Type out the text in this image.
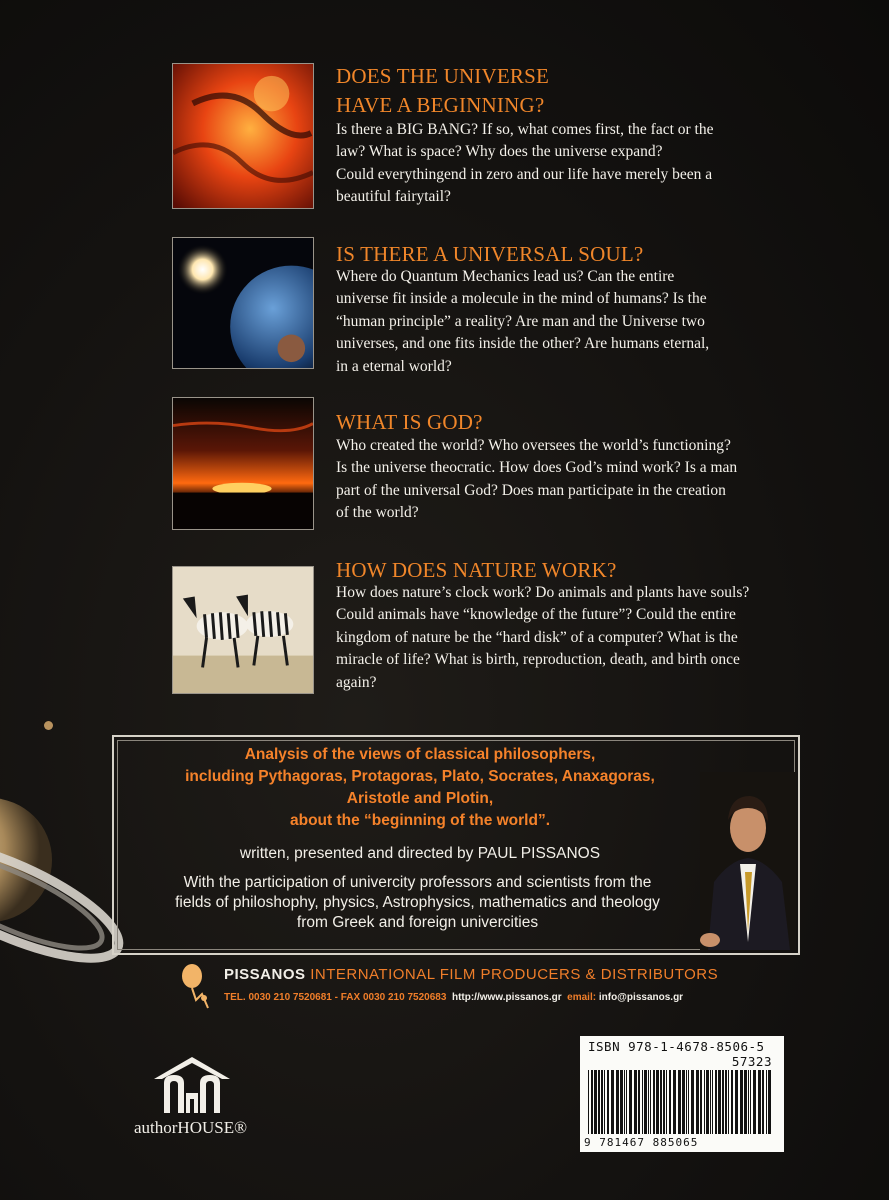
DOES THE UNIVERSE
HAVE A BEGINNING?
Is there a BIG BANG? If so, what comes first, the fact or the
law? What is space? Why does the universe expand?
Could everythingend in zero and our life have merely been a
beautiful fairytail?
IS THERE A UNIVERSAL SOUL?
Where do Quantum Mechanics lead us? Can the entire
universe fit inside a molecule in the mind of humans? Is the
“human principle” a reality? Are man and the Universe two
universes, and one fits inside the other? Are humans eternal,
in a eternal world?
WHAT IS GOD?
Who created the world? Who oversees the world’s functioning?
Is the universe theocratic. How does God’s mind work? Is a man
part of the universal God? Does man participate in the creation
of the world?
HOW DOES NATURE WORK?
How does nature’s clock work? Do animals and plants have souls?
Could animals have “knowledge of the future”? Could the entire
kingdom of nature be the “hard disk” of a computer? What is the
miracle of life? What is birth, reproduction, death, and birth once
again?
Analysis of the views of classical philosophers,
including Pythagoras, Protagoras, Plato, Socrates, Anaxagoras,
Aristotle and Plotin,
about the “beginning of the world”.
written, presented and directed by PAUL PISSANOS
With the participation of univercity professors and scientists from the
fields of philoshophy, physics, Astrophysics, mathematics and theology
from Greek and foreign univercities
PISSANOS INTERNATIONAL FILM PRODUCERS & DISTRIBUTORS
TEL. 0030 210 7520681 - FAX 0030 210 7520683 http://www.pissanos.gr email: info@pissanos.gr
ISBN 978-1-4678-8506-5
57323
9 781467 885065
authorHOUSE®
